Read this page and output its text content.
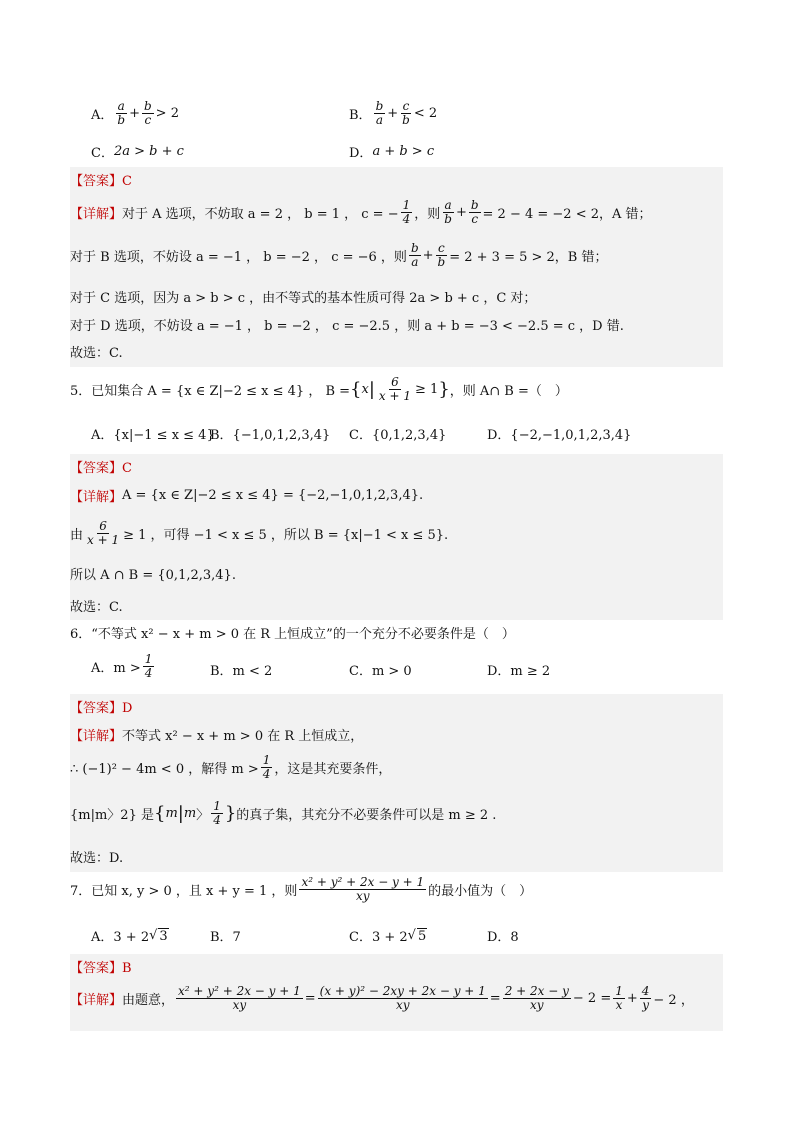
A． $\frac{a}{b} + \frac{b}{c} > 2$	B． $\frac{b}{a} + \frac{c}{b} < 2$
C． 2a > b + c	D． a + b > c
【答案】C
【详解】 对于 A 选项，不妨取 a = 2 ， b = 1 ， c = − $\frac{1}{4}$ ，则 $\frac{a}{b} + \frac{b}{c} = 2 - 4 = -2 < 2$，A 错；
对于 B 选项，不妨设 a = −1 ， b = −2 ， c = −6 ，则 $\frac{b}{a} + \frac{c}{b} = 2 + 3 = 5 > 2$，B 错；
对于 C 选项，因为 a > b > c ，由不等式的基本性质可得 2a > b + c ，C 对；
对于 D 选项，不妨设 a = −1 ， b = −2 ， c = −2.5 ，则 a + b = −3 < −2.5 = c ，D 错.
故选：C.
5．已知集合 A = {x ∈ Z|−2 ≤ x ≤ 4} ， B = { x | $\frac{6}{x + 1} \ge 1$ } ，则 A∩ B =（　）
A．{x|−1 ≤ x ≤ 4}
B．{−1,0,1,2,3,4} C．{0,1,2,3,4}	D．{−2,−1,0,1,2,3,4}
【答案】C
【详解】 A = {x ∈ Z|−2 ≤ x ≤ 4} = {−2,−1,0,1,2,3,4}.
由 $\frac{6}{x + 1} \ge 1$ ，可得 −1 < x ≤ 5 ，所以 B = {x|−1 < x ≤ 5}.
所以 A ∩ B = {0,1,2,3,4}.
故选：C.
6．“不等式 x² − x + m > 0 在 R 上恒成立”的一个充分不必要条件是（　）
A．$m > \frac{1}{4}$	B．m < 2	C．m > 0	D．m ≥ 2
【答案】D
【详解】 不等式 x² − x + m > 0 在 R 上恒成立，
∴ (−1)² − 4m < 0 ，解得 $m > \frac{1}{4}$ ，这是其充要条件，
{m|m〉2} 是 { m | m 〉 $\frac{1}{4}$ } 的真子集，其充分不必要条件可以是 m ≥ 2 .
故选：D.
7．已知 x, y > 0 ，且 x + y = 1 ，则 $\frac{\text{x² + y² + 2x − y + 1}}{xy}$ 的最小值为（　）
A．3 + 2 √ 3	B．7	C．3 + 2 √ 5	D．8
【答案】B
【详解】 由题意， $\frac{\text{x² + y² + 2x − y + 1}}{xy} = \frac{\text{(x + y)² − 2xy + 2x − y + 1}}{xy} = \frac{2 + 2x - y}{xy} - 2 = \frac{1}{x} + \frac{4}{y} - 2$ ，
